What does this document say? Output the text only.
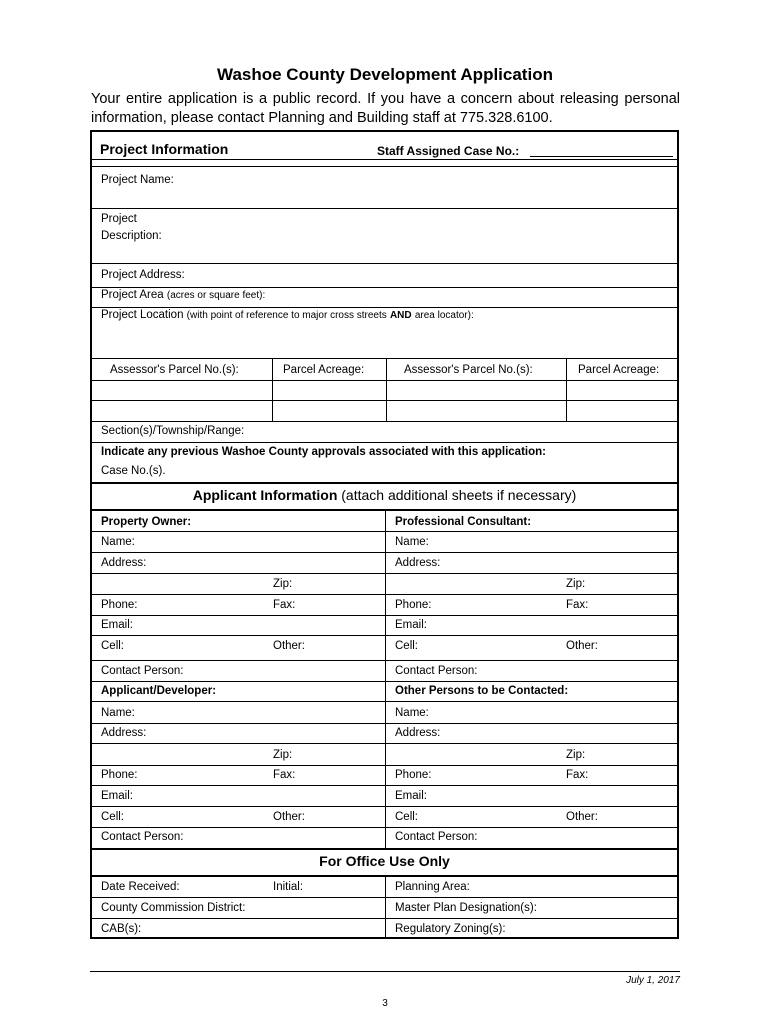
Washoe County Development Application
Your entire application is a public record. If you have a concern about releasing personal information, please contact Planning and Building staff at 775.328.6100.
Project Information	Staff Assigned Case No.:
Project Name:
Project
Description:
Project Address:
Project Area (acres or square feet):
Project Location (with point of reference to major cross streets AND area locator):
Assessor's Parcel No.(s):	Parcel Acreage:	Assessor's Parcel No.(s):	Parcel Acreage:
Section(s)/Township/Range:
Indicate any previous Washoe County approvals associated with this application:
Case No.(s).
Applicant Information (attach additional sheets if necessary)
Property Owner:	Professional Consultant:
Name:	Name:
Address:	Address:
Zip:	Zip:
Phone:	Fax:	Phone:	Fax:
Email:	Email:
Cell:	Other:	Cell:	Other:
Contact Person:	Contact Person:
Applicant/Developer:	Other Persons to be Contacted:
Name:	Name:
Address:	Address:
Zip:	Zip:
Phone:	Fax:	Phone:	Fax:
Email:	Email:
Cell:	Other:	Cell:	Other:
Contact Person:	Contact Person:
For Office Use Only
Date Received:	Initial:	Planning Area:
County Commission District:	Master Plan Designation(s):
CAB(s):	Regulatory Zoning(s):
July 1, 2017
3
